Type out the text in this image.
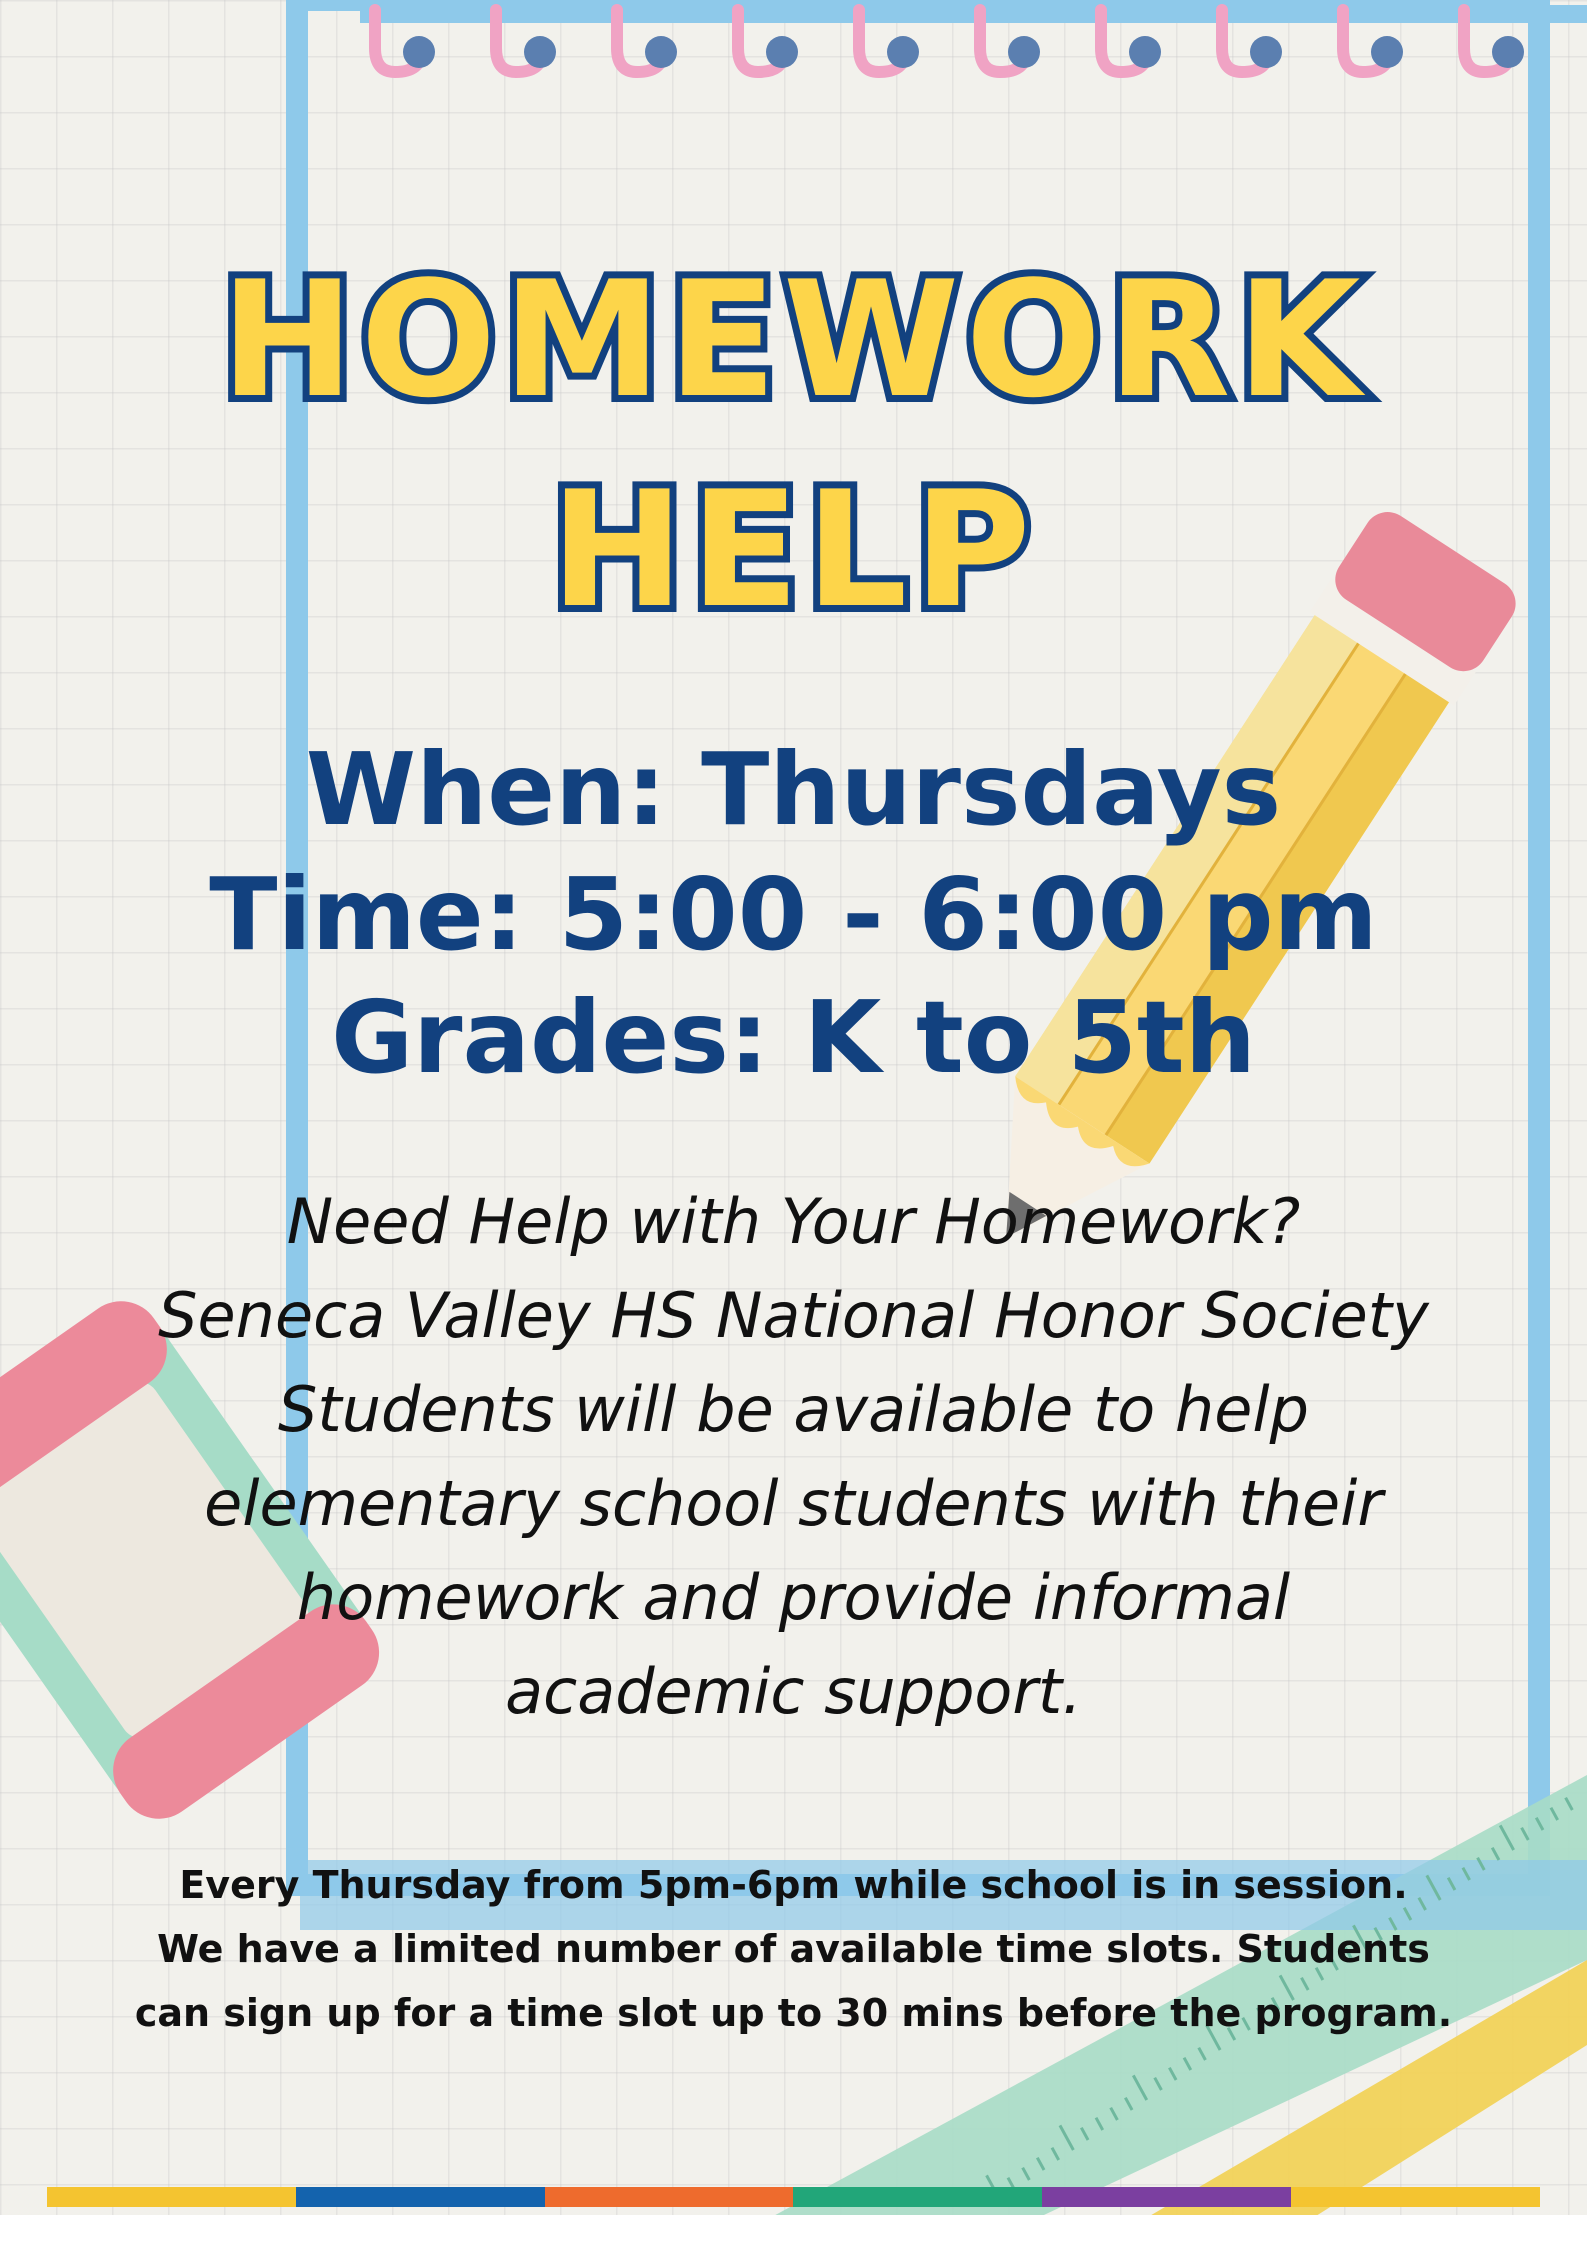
HOMEWORK
HELP
When: Thursdays
Time: 5:00 - 6:00 pm
Grades: K to 5th
Need Help with Your Homework?
Seneca Valley HS National Honor Society
Students will be available to help
elementary school students with their
homework and provide informal
academic support.
Every Thursday from 5pm-6pm while school is in session.
We have a limited number of available time slots. Students
can sign up for a time slot up to 30 mins before the program.
